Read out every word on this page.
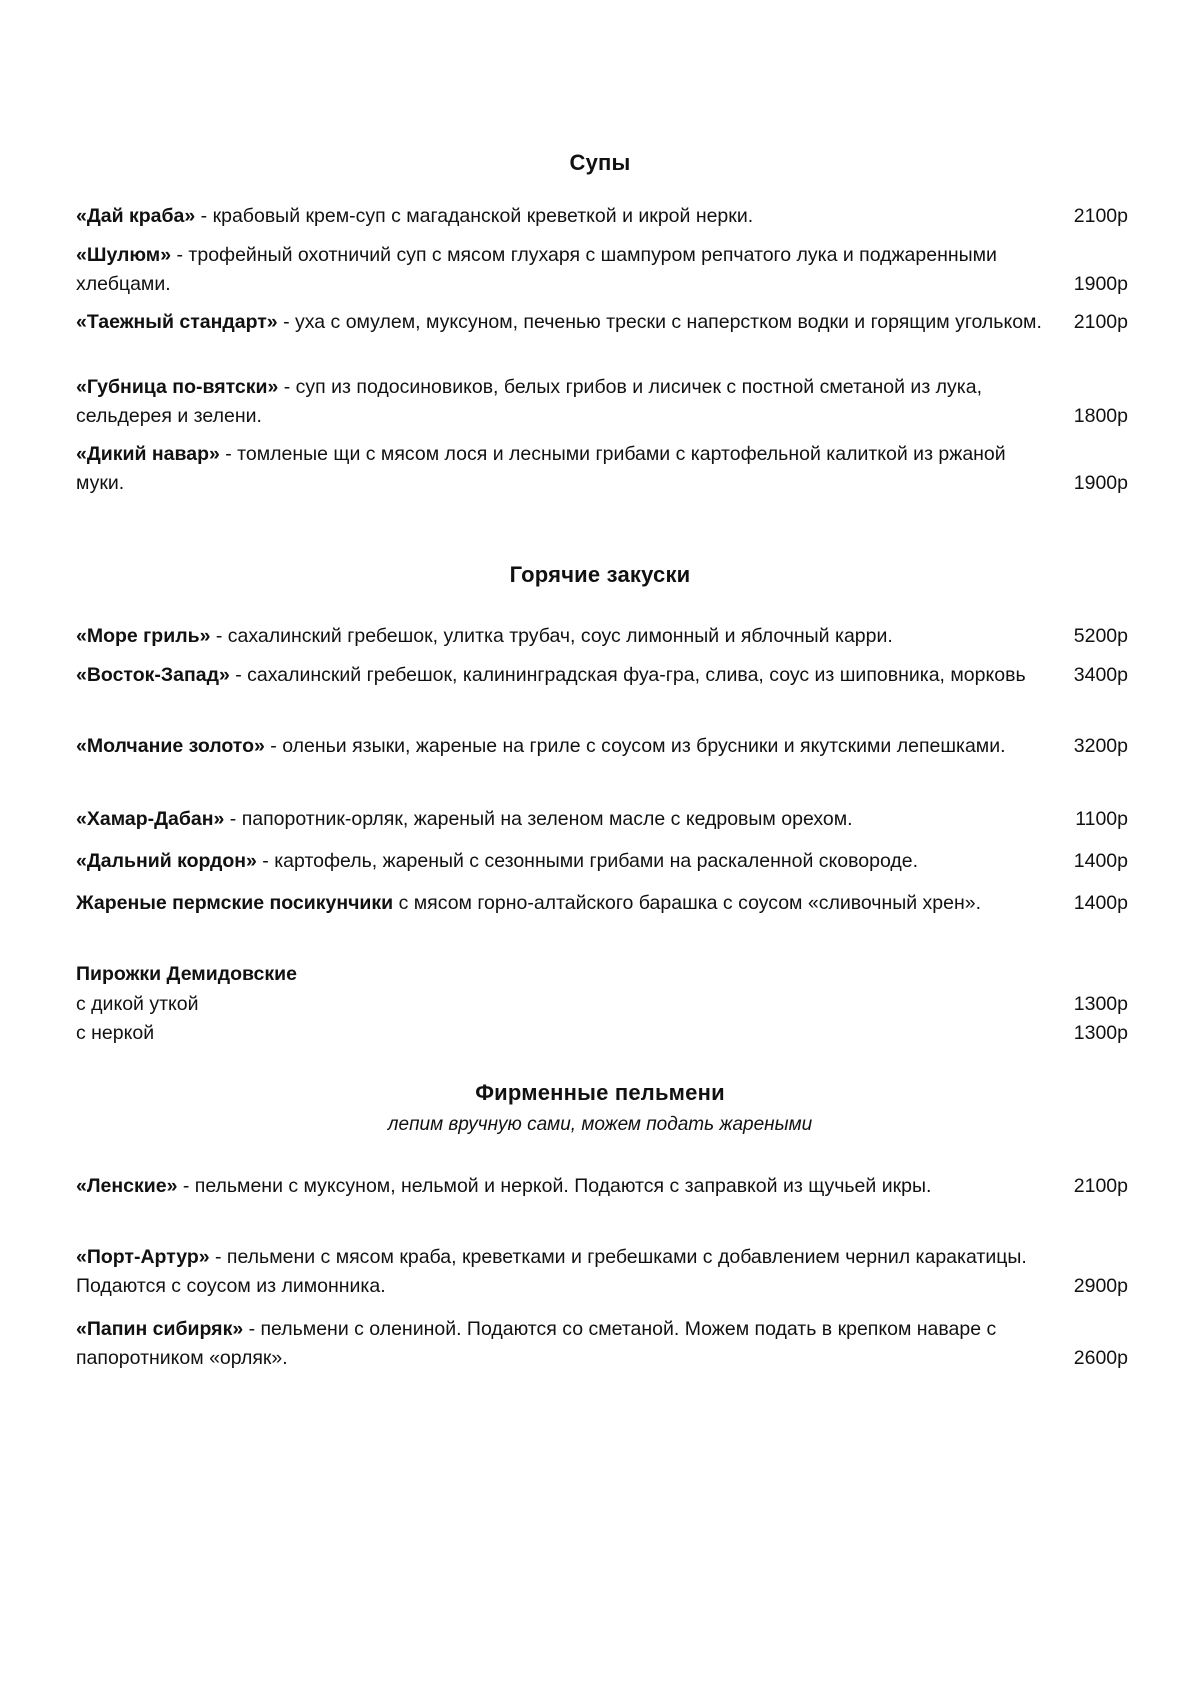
Супы
«Дай краба» - крабовый крем-суп с магаданской креветкой и икрой нерки.	2100р
«Шулюм» - трофейный охотничий суп с мясом глухаря с шампуром репчатого лука и поджаренными хлебцами.	1900р
«Таежный стандарт» - уха с омулем, муксуном, печенью трески с наперстком водки и горящим угольком.	2100р
«Губница по-вятски» - суп из подосиновиков, белых грибов и лисичек с постной сметаной из лука, сельдерея и зелени.	1800р
«Дикий навар» - томленые щи с мясом лося и лесными грибами с картофельной калиткой из ржаной муки.	1900р
Горячие закуски
«Море гриль» - сахалинский гребешок, улитка трубач, соус лимонный и яблочный карри.	5200р
«Восток-Запад» - сахалинский гребешок, калининградская фуа-гра, слива, соус из шиповника, морковь	3400р
«Молчание золото» - оленьи языки, жареные на гриле с соусом из брусники и якутскими лепешками.	3200р
«Хамар-Дабан» - папоротник-орляк, жареный на зеленом масле с кедровым орехом.	1100р
«Дальний кордон» - картофель, жареный с сезонными грибами на раскаленной сковороде.	1400р
Жареные пермские посикунчики с мясом горно-алтайского барашка с соусом «сливочный хрен».	1400р
Пирожки Демидовские
с дикой уткой	1300р
с неркой	1300р
Фирменные пельмени
лепим вручную сами, можем подать жареными
«Ленские» - пельмени с муксуном, нельмой и неркой. Подаются с заправкой из щучьей икры.	2100р
«Порт-Артур» - пельмени с мясом краба, креветками и гребешками с добавлением чернил каракатицы. Подаются с соусом из лимонника.	2900р
«Папин сибиряк» - пельмени с олениной. Подаются со сметаной. Можем подать в крепком наваре с папоротником «орляк».	2600р
